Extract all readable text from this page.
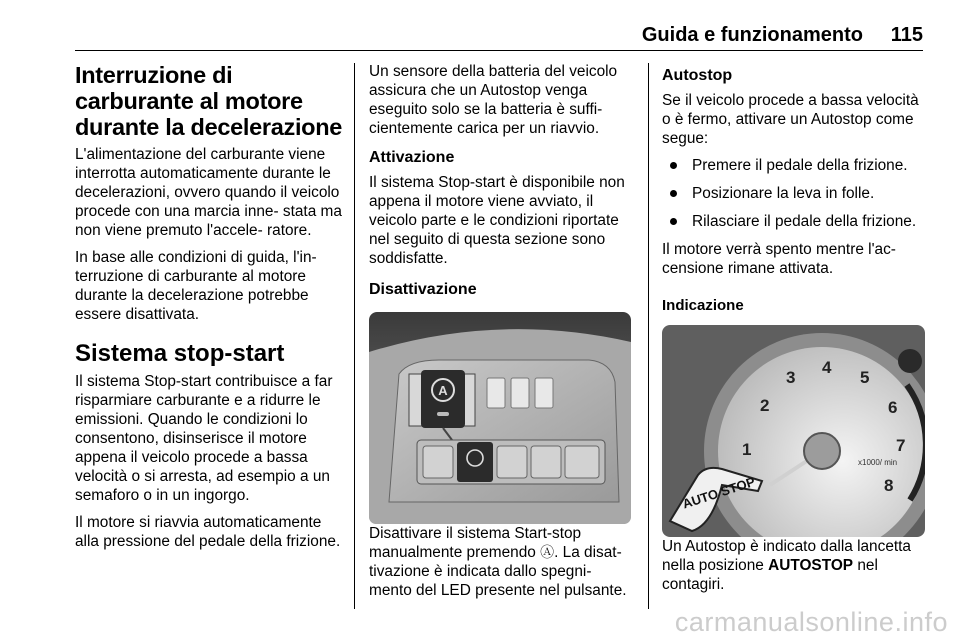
Guida e funzionamento 115
Interruzione di carburante al motore durante la decelerazione

L'alimentazione del carburante viene interrotta automaticamente durante le decelerazioni, ovvero quando il veicolo procede con una marcia inne- stata ma non viene premuto l'accele- ratore.

In base alle condizioni di guida, l'in- terruzione di carburante al motore durante la decelerazione potrebbe essere disattivata.

Sistema stop-start

Il sistema Stop-start contribuisce a far risparmiare carburante e a ridurre le emissioni. Quando le condizioni lo consentono, disinserisce il motore appena il veicolo procede a bassa velocità o si arresta, ad esempio a un semaforo o in un ingorgo.

Il motore si riavvia automaticamente alla pressione del pedale della frizione.

Un sensore della batteria del veicolo assicura che un Autostop venga eseguito solo se la batteria è suffi- cientemente carica per un riavvio.

Attivazione

Il sistema Stop-start è disponibile non appena il motore viene avviato, il veicolo parte e le condizioni riportate nel seguito di questa sezione sono soddisfatte.

Disattivazione
A

Disattivare il sistema Start-stop manualmente premendo Ⓐ. La disat- tivazione è indicata dallo spegni- mento del LED presente nel pulsante.

Autostop

Se il veicolo procede a bassa velocità o è fermo, attivare un Autostop come segue:

Premere il pedale della frizione.
Posizionare la leva in folle.
Rilasciare il pedale della frizione.

Il motore verrà spento mentre l'ac- censione rimane attivata.

Indicazione
1
2
3
4
5
6
7
8
x1000/ min
AUTO STOP

Un Autostop è indicato dalla lancetta nella posizione AUTOSTOP nel contagiri.

carmanualsonline.info
